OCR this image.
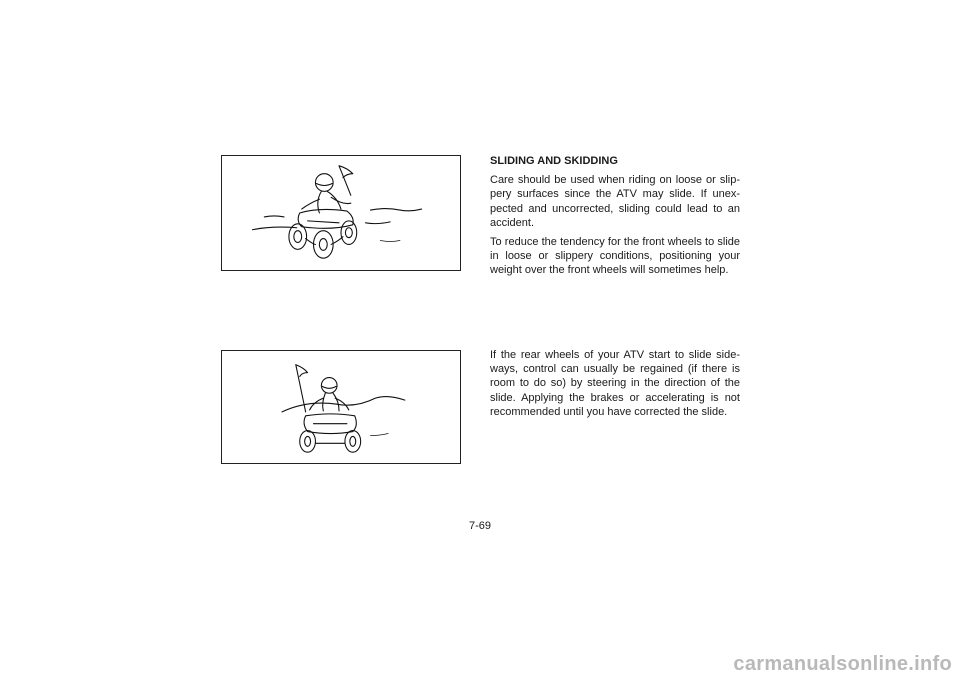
SLIDING AND SKIDDING
Care should be used when riding on loose or slip-pery surfaces since the ATV may slide. If unex-pected and uncorrected, sliding could lead to an accident.
To reduce the tendency for the front wheels to slide in loose or slippery conditions, positioning your weight over the front wheels will sometimes help.
If the rear wheels of your ATV start to slide side-ways, control can usually be regained (if there is room to do so) by steering in the direction of the slide. Applying the brakes or accelerating is not recommended until you have corrected the slide.
7-69
carmanualsonline.info
